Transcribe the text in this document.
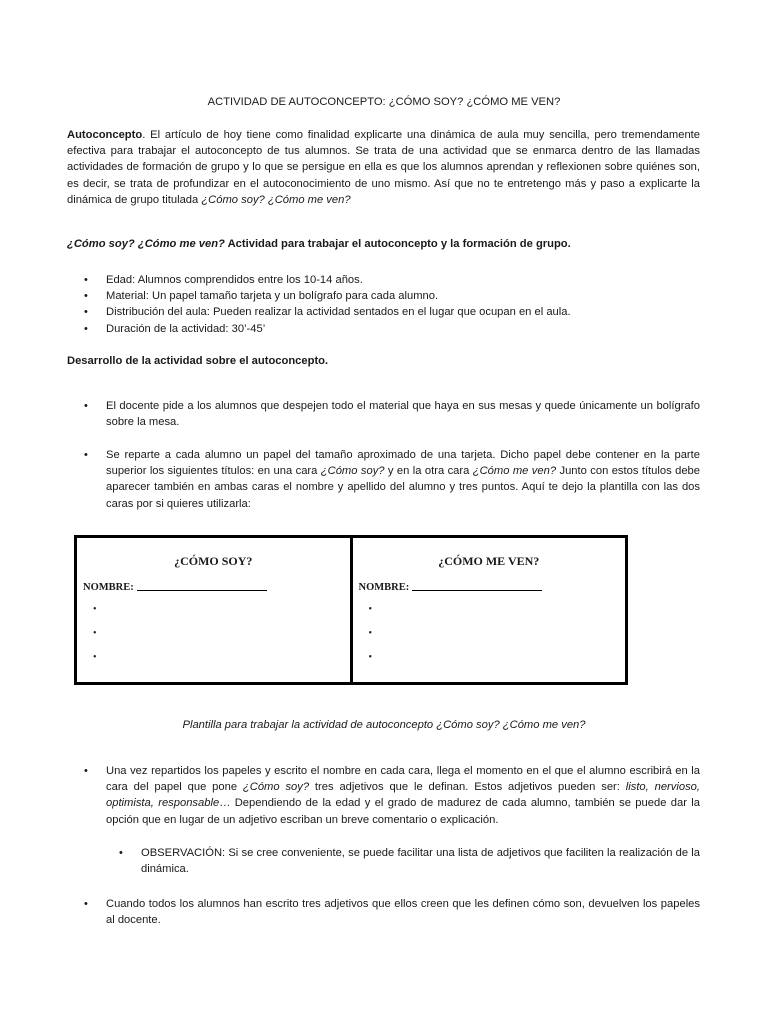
ACTIVIDAD DE AUTOCONCEPTO: ¿CÓMO SOY? ¿CÓMO ME VEN?
Autoconcepto. El artículo de hoy tiene como finalidad explicarte una dinámica de aula muy sencilla, pero tremendamente efectiva para trabajar el autoconcepto de tus alumnos. Se trata de una actividad que se enmarca dentro de las llamadas actividades de formación de grupo y lo que se persigue en ella es que los alumnos aprendan y reflexionen sobre quiénes son, es decir, se trata de profundizar en el autoconocimiento de uno mismo. Así que no te entretengo más y paso a explicarte la dinámica de grupo titulada ¿Cómo soy? ¿Cómo me ven?
¿Cómo soy? ¿Cómo me ven? Actividad para trabajar el autoconcepto y la formación de grupo.
• Edad: Alumnos comprendidos entre los 10-14 años.
• Material: Un papel tamaño tarjeta y un bolígrafo para cada alumno.
• Distribución del aula: Pueden realizar la actividad sentados en el lugar que ocupan en el aula.
• Duración de la actividad: 30’-45’
Desarrollo de la actividad sobre el autoconcepto.
• El docente pide a los alumnos que despejen todo el material que haya en sus mesas y quede únicamente un bolígrafo sobre la mesa.
• Se reparte a cada alumno un papel del tamaño aproximado de una tarjeta. Dicho papel debe contener en la parte superior los siguientes títulos: en una cara ¿Cómo soy? y en la otra cara ¿Cómo me ven? Junto con estos títulos debe aparecer también en ambas caras el nombre y apellido del alumno y tres puntos. Aquí te dejo la plantilla con las dos caras por si quieres utilizarla:
¿CÓMO SOY?
NOMBRE:
•
•
•
¿CÓMO ME VEN?
NOMBRE:
•
•
•
Plantilla para trabajar la actividad de autoconcepto ¿Cómo soy? ¿Cómo me ven?
• Una vez repartidos los papeles y escrito el nombre en cada cara, llega el momento en el que el alumno escribirá en la cara del papel que pone ¿Cómo soy? tres adjetivos que le definan. Estos adjetivos pueden ser: listo, nervioso, optimista, responsable… Dependiendo de la edad y el grado de madurez de cada alumno, también se puede dar la opción que en lugar de un adjetivo escriban un breve comentario o explicación.
• OBSERVACIÓN: Si se cree conveniente, se puede facilitar una lista de adjetivos que faciliten la realización de la dinámica.
• Cuando todos los alumnos han escrito tres adjetivos que ellos creen que les definen cómo son, devuelven los papeles al docente.
